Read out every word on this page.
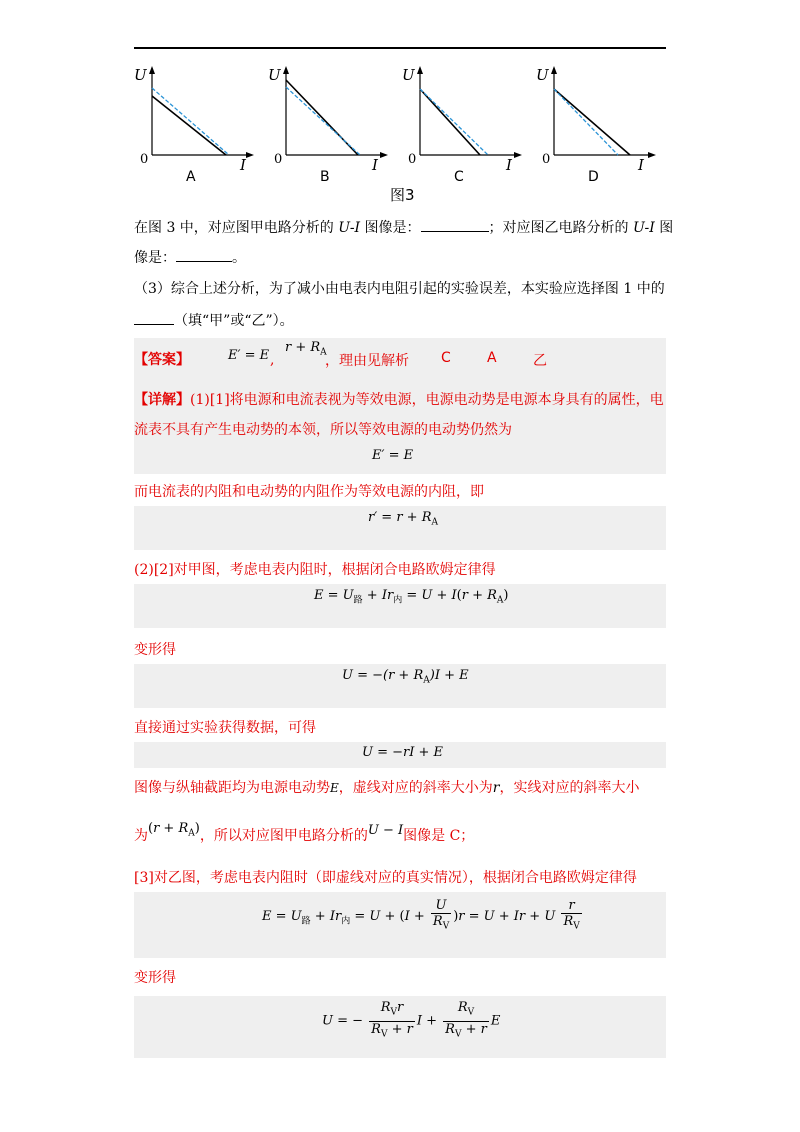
U
0	I
A
U
0	I
B
U
0	I
C
U
0	I
D
图3
在图 3 中，对应图甲电路分析的 U-I 图像是：	；对应图乙电路分析的 U-I 图
像是：	。
（3）综合上述分析，为了减小由电表内电阻引起的实验误差，本实验应选择图 1 中的
（填“甲”或“乙”）。
【答案】	E′ = E ,
$r + R_A$
，理由见解析 C	A	乙
【详解】(1)[1]将电源和电流表视为等效电源，电源电动势是电源本身具有的属性，电
流表不具有产生电动势的本领，所以等效电源的电动势仍然为
E′ = E
而电流表的内阻和电动势的内阻作为等效电源的内阻，即
$r' = r + R_A$
(2)[2]对甲图，考虑电表内阻时，根据闭合电路欧姆定律得
$E = U_路 + Ir_内 = U + I(r + R_A)$
变形得
$U = -(r + R_A)I + E$
直接通过实验获得数据，可得
U = −rI + E
图像与纵轴截距均为电源电动势E，虚线对应的斜率大小为r，实线对应的斜率大小
为$(r + R_A)$，所以对应图甲电路分析的U − I图像是 C；
[3]对乙图，考虑电表内阻时（即虚线对应的真实情况），根据闭合电路欧姆定律得
$E = U_路 + Ir_内 = U + (I + \frac{U}{R_V} )r = U + Ir + U \frac{r}{R_V}$
变形得
U = − $\frac{R_Vr}{R_V + r}$ $I + \frac{R_V}{R_V + r}$ E
